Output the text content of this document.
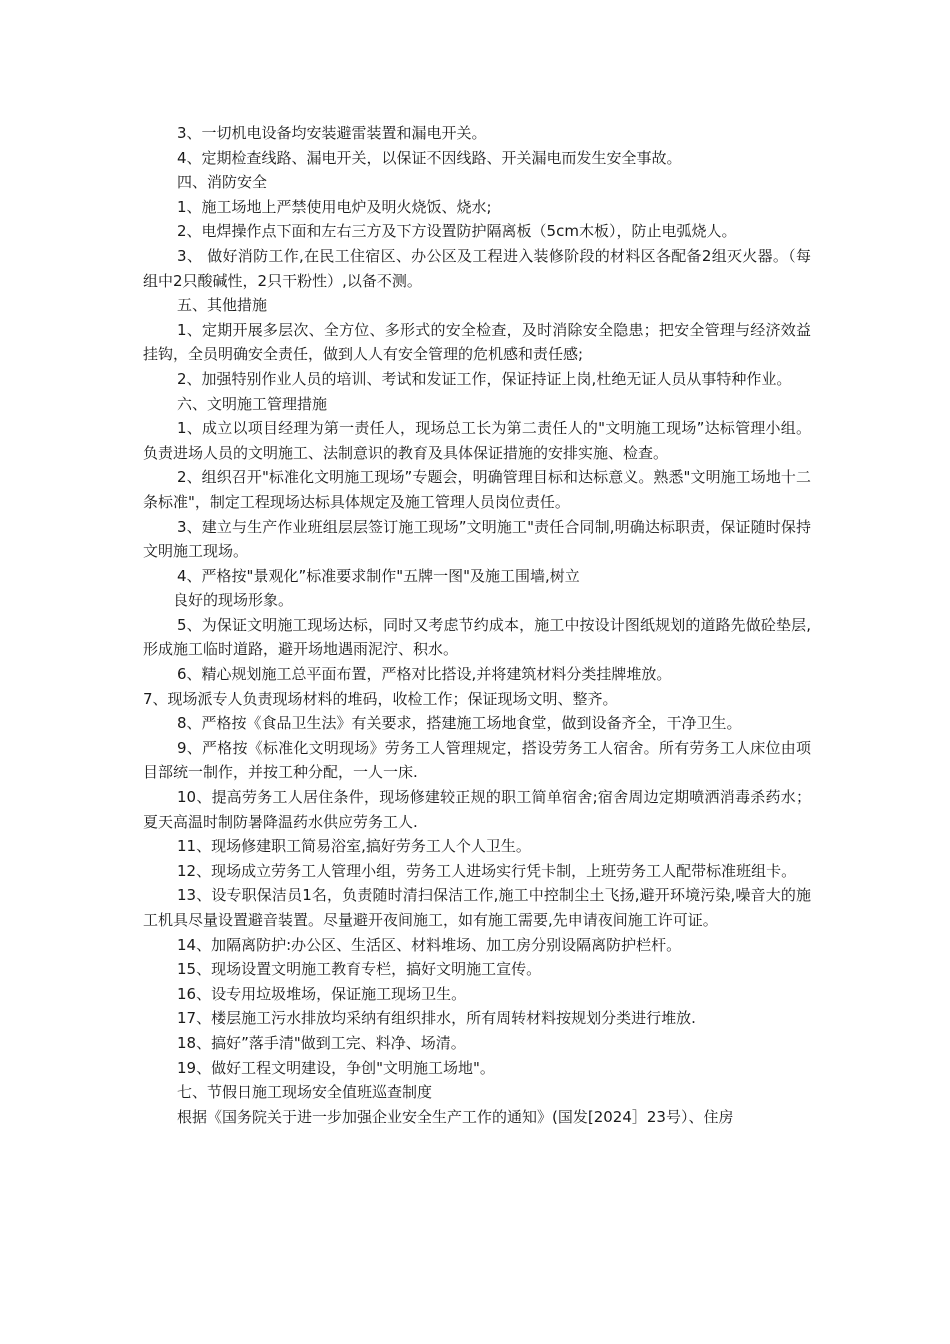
3、一切机电设备均安装避雷装置和漏电开关。

4、定期检查线路、漏电开关，以保证不因线路、开关漏电而发生安全事故。

四、消防安全

1、施工场地上严禁使用电炉及明火烧饭、烧水;

2、电焊操作点下面和左右三方及下方设置防护隔离板（5cm木板），防止电弧烧人。

3、 做好消防工作,在民工住宿区、办公区及工程进入装修阶段的材料区各配备2组灭火器。（每组中2只酸碱性，2只干粉性）,以备不测。

五、其他措施

1、定期开展多层次、全方位、多形式的安全检查，及时消除安全隐患；把安全管理与经济效益挂钩，全员明确安全责任，做到人人有安全管理的危机感和责任感;

2、加强特别作业人员的培训、考试和发证工作，保证持证上岗,杜绝无证人员从事特种作业。

六、文明施工管理措施

1、成立以项目经理为第一责任人，现场总工长为第二责任人的"文明施工现场”达标管理小组。负责进场人员的文明施工、法制意识的教育及具体保证措施的安排实施、检查。

2、组织召开"标准化文明施工现场”专题会，明确管理目标和达标意义。熟悉"文明施工场地十二条标准"，制定工程现场达标具体规定及施工管理人员岗位责任。

3、建立与生产作业班组层层签订施工现场”文明施工"责任合同制,明确达标职责，保证随时保持文明施工现场。

4、严格按"景观化”标准要求制作"五牌一图"及施工围墙,树立

良好的现场形象。

5、为保证文明施工现场达标，同时又考虑节约成本，施工中按设计图纸规划的道路先做砼垫层,形成施工临时道路，避开场地遇雨泥泞、积水。

6、精心规划施工总平面布置，严格对比搭设,并将建筑材料分类挂牌堆放。

7、现场派专人负责现场材料的堆码，收检工作；保证现场文明、整齐。

8、严格按《食品卫生法》有关要求，搭建施工场地食堂，做到设备齐全，干净卫生。

9、严格按《标准化文明现场》劳务工人管理规定，搭设劳务工人宿舍。所有劳务工人床位由项目部统一制作，并按工种分配，一人一床.

10、提高劳务工人居住条件，现场修建较正规的职工简单宿舍;宿舍周边定期喷洒消毒杀药水；夏天高温时制防暑降温药水供应劳务工人.

11、现场修建职工简易浴室,搞好劳务工人个人卫生。

12、现场成立劳务工人管理小组，劳务工人进场实行凭卡制，上班劳务工人配带标准班组卡。

13、设专职保洁员1名，负责随时清扫保洁工作,施工中控制尘土飞扬,避开环境污染,噪音大的施工机具尽量设置避音装置。尽量避开夜间施工，如有施工需要,先申请夜间施工许可证。

14、加隔离防护:办公区、生活区、材料堆场、加工房分别设隔离防护栏杆。

15、现场设置文明施工教育专栏，搞好文明施工宣传。

16、设专用垃圾堆场，保证施工现场卫生。

17、楼层施工污水排放均采纳有组织排水，所有周转材料按规划分类进行堆放.

18、搞好”落手清"做到工完、料净、场清。

19、做好工程文明建设，争创"文明施工场地"。

七、节假日施工现场安全值班巡查制度

根据《国务院关于进一步加强企业安全生产工作的通知》(国发[2024］23号）、住房
